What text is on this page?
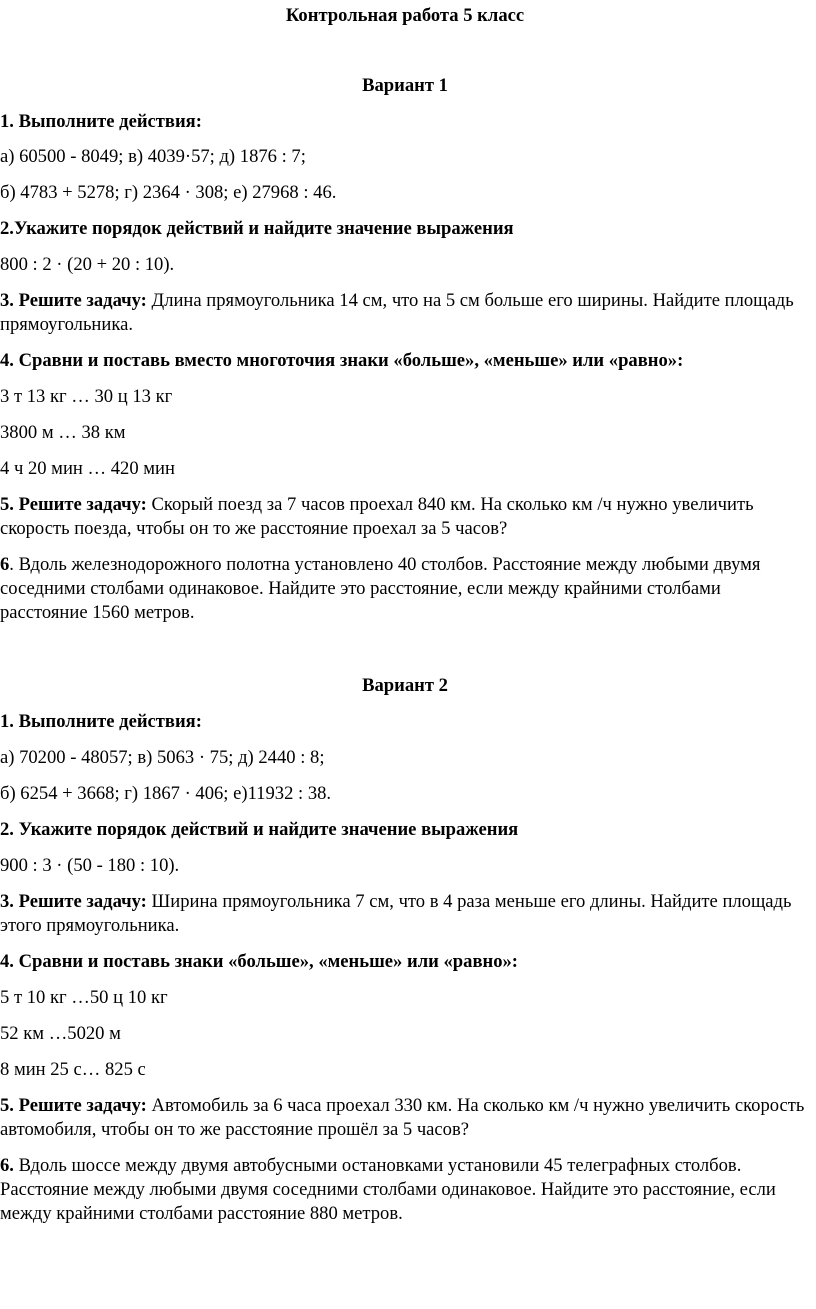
Контрольная работа 5 класс
Вариант 1
1. Выполните действия:
а) 60500 - 8049; в) 4039·57; д) 1876 : 7;
б) 4783 + 5278; г) 2364 · 308; е) 27968 : 46.
2.Укажите порядок действий и найдите значение выражения
800 : 2 · (20 + 20 : 10).
3. Решите задачу: Длина прямоугольника 14 см, что на 5 см больше его ширины. Найдите площадь прямоугольника.
4. Сравни и поставь вместо многоточия знаки «больше», «меньше» или «равно»:
3 т 13 кг … 30 ц 13 кг
3800 м … 38 км
4 ч 20 мин … 420 мин
5. Решите задачу: Скорый поезд за 7 часов проехал 840 км. На сколько км /ч нужно увеличить скорость поезда, чтобы он то же расстояние проехал за 5 часов?
6. Вдоль железнодорожного полотна установлено 40 столбов. Расстояние между любыми двумя соседними столбами одинаковое. Найдите это расстояние, если между крайними столбами расстояние 1560 метров.
Вариант 2
1. Выполните действия:
а) 70200 - 48057; в) 5063 · 75; д) 2440 : 8;
б) 6254 + 3668; г) 1867 · 406; е)11932 : 38.
2. Укажите порядок действий и найдите значение выражения
900 : 3 · (50 - 180 : 10).
3. Решите задачу: Ширина прямоугольника 7 см, что в 4 раза меньше его длины. Найдите площадь этого прямоугольника.
4. Сравни и поставь знаки «больше», «меньше» или «равно»:
5 т 10 кг …50 ц 10 кг
52 км …5020 м
8 мин 25 с… 825 с
5. Решите задачу: Автомобиль за 6 часа проехал 330 км. На сколько км /ч нужно увеличить скорость автомобиля, чтобы он то же расстояние прошёл за 5 часов?
6. Вдоль шоссе между двумя автобусными остановками установили 45 телеграфных столбов. Расстояние между любыми двумя соседними столбами одинаковое. Найдите это расстояние, если между крайними столбами расстояние 880 метров.
